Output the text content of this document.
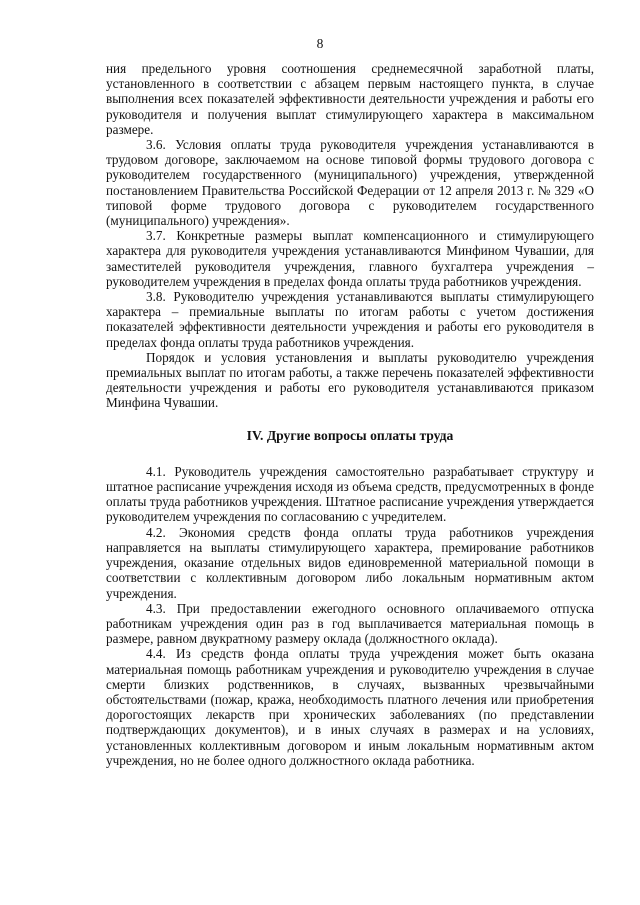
8

ния предельного уровня соотношения среднемесячной заработной платы, установленного в соответствии с абзацем первым настоящего пункта, в случае выполнения всех показателей эффективности деятельности учреждения и работы его руководителя и получения выплат стимулирующего характера в максимальном размере.

3.6. Условия оплаты труда руководителя учреждения устанавливаются в трудовом договоре, заключаемом на основе типовой формы трудового договора с руководителем государственного (муниципального) учреждения, утвержденной постановлением Правительства Российской Федерации от 12 апреля 2013 г. № 329 «О типовой форме трудового договора с руководителем государственного (муниципального) учреждения».

3.7. Конкретные размеры выплат компенсационного и стимулирующего характера для руководителя учреждения устанавливаются Минфином Чувашии, для заместителей руководителя учреждения, главного бухгалтера учреждения – руководителем учреждения в пределах фонда оплаты труда работников учреждения.

3.8. Руководителю учреждения устанавливаются выплаты стимулирующего характера – премиальные выплаты по итогам работы с учетом достижения показателей эффективности деятельности учреждения и работы его руководителя в пределах фонда оплаты труда работников учреждения.

Порядок и условия установления и выплаты руководителю учреждения премиальных выплат по итогам работы, а также перечень показателей эффективности деятельности учреждения и работы его руководителя устанавливаются приказом Минфина Чувашии.

IV. Другие вопросы оплаты труда

4.1. Руководитель учреждения самостоятельно разрабатывает структуру и штатное расписание учреждения исходя из объема средств, предусмотренных в фонде оплаты труда работников учреждения. Штатное расписание учреждения утверждается руководителем учреждения по согласованию с учредителем.

4.2. Экономия средств фонда оплаты труда работников учреждения направляется на выплаты стимулирующего характера, премирование работников учреждения, оказание отдельных видов единовременной материальной помощи в соответствии с коллективным договором либо локальным нормативным актом учреждения.

4.3. При предоставлении ежегодного основного оплачиваемого отпуска работникам учреждения один раз в год выплачивается материальная помощь в размере, равном двукратному размеру оклада (должностного оклада).

4.4. Из средств фонда оплаты труда учреждения может быть оказана материальная помощь работникам учреждения и руководителю учреждения в случае смерти близких родственников, в случаях, вызванных чрезвычайными обстоятельствами (пожар, кража, необходимость платного лечения или приобретения дорогостоящих лекарств при хронических заболеваниях (по представлении подтверждающих документов), и в иных случаях в размерах и на условиях, установленных коллективным договором и иным локальным нормативным актом учреждения, но не более одного должностного оклада работника.
